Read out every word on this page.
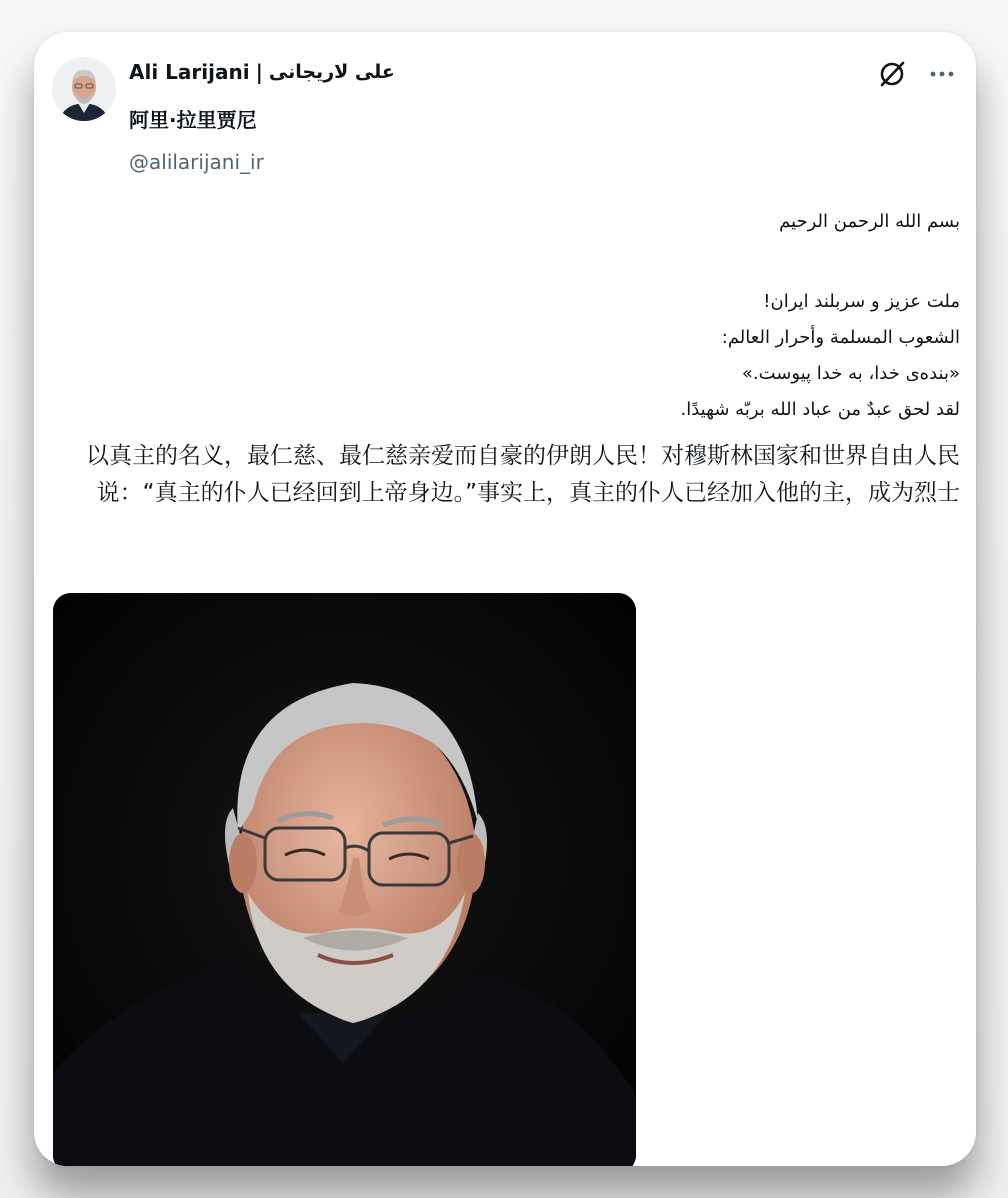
Ali Larijani | علی لاریجانی
阿里·拉里贾尼
@alilarijani_ir
بسم الله الرحمن الرحیم
ملت عزیز و سربلند ایران!
الشعوب المسلمة وأحرار العالم:
«بنده‌ی خدا، به خدا پیوست.»
لقد لحق عبدٌ من عباد الله بربّه شهیدًا.
以真主的名义，最仁慈、最仁慈亲爱而自豪的伊朗人民！对穆斯林国家和世界自由人民说：“真主的仆人已经回到上帝身边。”事实上，真主的仆人已经加入他的主，成为烈士
